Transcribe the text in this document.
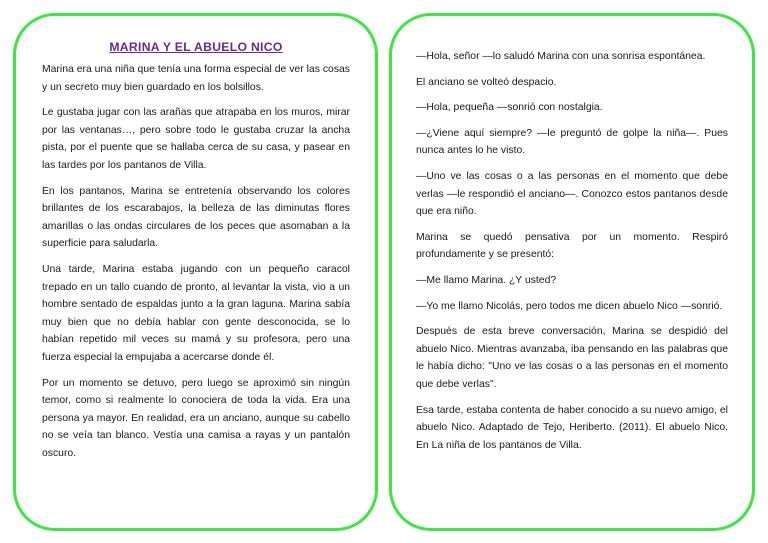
MARINA Y EL ABUELO NICO

Marina era una niña que tenía una forma especial de ver las cosas y un secreto muy bien guardado en los bolsillos.

Le gustaba jugar con las arañas que atrapaba en los muros, mirar por las ventanas…, pero sobre todo le gustaba cruzar la ancha pista, por el puente que se hallaba cerca de su casa, y pasear en las tardes por los pantanos de Villa.

En los pantanos, Marina se entretenía observando los colores brillantes de los escarabajos, la belleza de las diminutas flores amarillas o las ondas circulares de los peces que asomaban a la superficie para saludarla.

Una tarde, Marina estaba jugando con un pequeño caracol trepado en un tallo cuando de pronto, al levantar la vista, vio a un hombre sentado de espaldas junto a la gran laguna. Marina sabía muy bien que no debía hablar con gente desconocida, se lo habían repetido mil veces su mamá y su profesora, pero una fuerza especial la empujaba a acercarse donde él.

Por un momento se detuvo, pero luego se aproximó sin ningún temor, como si realmente lo conociera de toda la vida. Era una persona ya mayor. En realidad, era un anciano, aunque su cabello no se veía tan blanco. Vestía una camisa a rayas y un pantalón oscuro.

—Hola, señor —lo saludó Marina con una sonrisa espontánea.

El anciano se volteó despacio.

—Hola, pequeña —sonrió con nostalgia.

—¿Viene aquí siempre? —le preguntó de golpe la niña—. Pues nunca antes lo he visto.

—Uno ve las cosas o a las personas en el momento que debe verlas —le respondió el anciano—. Conozco estos pantanos desde que era niño.

Marina se quedó pensativa por un momento. Respiró profundamente y se presentó:

—Me llamo Marina. ¿Y usted?

—Yo me llamo Nicolás, pero todos me dicen abuelo Nico —sonrió.

Después de esta breve conversación, Marina se despidió del abuelo Nico. Mientras avanzaba, iba pensando en las palabras que le había dicho: "Uno ve las cosas o a las personas en el momento que debe verlas".

Esa tarde, estaba contenta de haber conocido a su nuevo amigo, el abuelo Nico. Adaptado de Tejo, Heriberto. (2011). El abuelo Nico. En La niña de los pantanos de Villa.
